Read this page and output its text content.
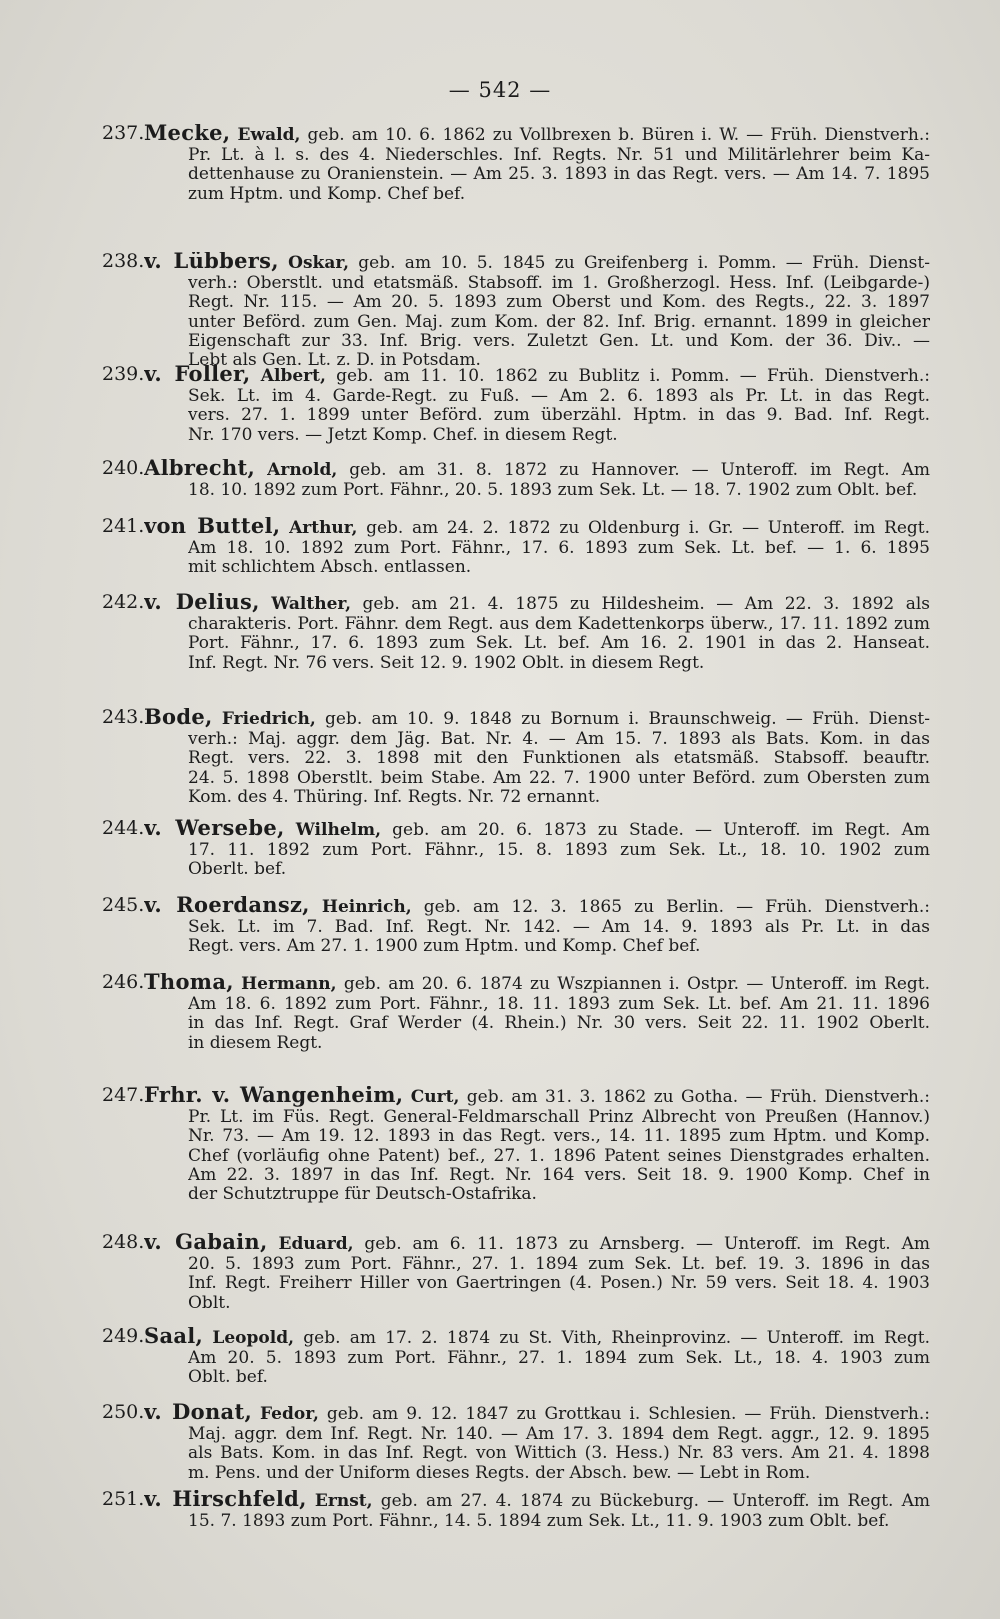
— 542 —
237. Mecke, Ewald, geb. am 10. 6. 1862 zu Vollbrexen b. Büren i. W. — Früh. Dienstverh.:
Pr. Lt. à l. s. des 4. Niederschles. Inf. Regts. Nr. 51 und Militärlehrer beim Ka-
dettenhause zu Oranienstein. — Am 25. 3. 1893 in das Regt. vers. — Am 14. 7. 1895
zum Hptm. und Komp. Chef bef.
238. v. Lübbers, Oskar, geb. am 10. 5. 1845 zu Greifenberg i. Pomm. — Früh. Dienst-
verh.: Oberstlt. und etatsmäß. Stabsoff. im 1. Großherzogl. Hess. Inf. (Leibgarde-)
Regt. Nr. 115. — Am 20. 5. 1893 zum Oberst und Kom. des Regts., 22. 3. 1897
unter Beförd. zum Gen. Maj. zum Kom. der 82. Inf. Brig. ernannt. 1899 in gleicher
Eigenschaft zur 33. Inf. Brig. vers. Zuletzt Gen. Lt. und Kom. der 36. Div.. —
Lebt als Gen. Lt. z. D. in Potsdam.
239. v. Foller, Albert, geb. am 11. 10. 1862 zu Bublitz i. Pomm. — Früh. Dienstverh.:
Sek. Lt. im 4. Garde-Regt. zu Fuß. — Am 2. 6. 1893 als Pr. Lt. in das Regt.
vers. 27. 1. 1899 unter Beförd. zum überzähl. Hptm. in das 9. Bad. Inf. Regt.
Nr. 170 vers. — Jetzt Komp. Chef. in diesem Regt.
240. Albrecht, Arnold, geb. am 31. 8. 1872 zu Hannover. — Unteroff. im Regt. Am
18. 10. 1892 zum Port. Fähnr., 20. 5. 1893 zum Sek. Lt. — 18. 7. 1902 zum Oblt. bef.
241. von Buttel, Arthur, geb. am 24. 2. 1872 zu Oldenburg i. Gr. — Unteroff. im Regt.
Am 18. 10. 1892 zum Port. Fähnr., 17. 6. 1893 zum Sek. Lt. bef. — 1. 6. 1895
mit schlichtem Absch. entlassen.
242. v. Delius, Walther, geb. am 21. 4. 1875 zu Hildesheim. — Am 22. 3. 1892 als
charakteris. Port. Fähnr. dem Regt. aus dem Kadettenkorps überw., 17. 11. 1892 zum
Port. Fähnr., 17. 6. 1893 zum Sek. Lt. bef. Am 16. 2. 1901 in das 2. Hanseat.
Inf. Regt. Nr. 76 vers. Seit 12. 9. 1902 Oblt. in diesem Regt.
243. Bode, Friedrich, geb. am 10. 9. 1848 zu Bornum i. Braunschweig. — Früh. Dienst-
verh.: Maj. aggr. dem Jäg. Bat. Nr. 4. — Am 15. 7. 1893 als Bats. Kom. in das
Regt. vers. 22. 3. 1898 mit den Funktionen als etatsmäß. Stabsoff. beauftr.
24. 5. 1898 Oberstlt. beim Stabe. Am 22. 7. 1900 unter Beförd. zum Obersten zum
Kom. des 4. Thüring. Inf. Regts. Nr. 72 ernannt.
244. v. Wersebe, Wilhelm, geb. am 20. 6. 1873 zu Stade. — Unteroff. im Regt. Am
17. 11. 1892 zum Port. Fähnr., 15. 8. 1893 zum Sek. Lt., 18. 10. 1902 zum
Oberlt. bef.
245. v. Roerdansz, Heinrich, geb. am 12. 3. 1865 zu Berlin. — Früh. Dienstverh.:
Sek. Lt. im 7. Bad. Inf. Regt. Nr. 142. — Am 14. 9. 1893 als Pr. Lt. in das
Regt. vers. Am 27. 1. 1900 zum Hptm. und Komp. Chef bef.
246. Thoma, Hermann, geb. am 20. 6. 1874 zu Wszpiannen i. Ostpr. — Unteroff. im Regt.
Am 18. 6. 1892 zum Port. Fähnr., 18. 11. 1893 zum Sek. Lt. bef. Am 21. 11. 1896
in das Inf. Regt. Graf Werder (4. Rhein.) Nr. 30 vers. Seit 22. 11. 1902 Oberlt.
in diesem Regt.
247. Frhr. v. Wangenheim, Curt, geb. am 31. 3. 1862 zu Gotha. — Früh. Dienstverh.:
Pr. Lt. im Füs. Regt. General-Feldmarschall Prinz Albrecht von Preußen (Hannov.)
Nr. 73. — Am 19. 12. 1893 in das Regt. vers., 14. 11. 1895 zum Hptm. und Komp.
Chef (vorläufig ohne Patent) bef., 27. 1. 1896 Patent seines Dienstgrades erhalten.
Am 22. 3. 1897 in das Inf. Regt. Nr. 164 vers. Seit 18. 9. 1900 Komp. Chef in
der Schutztruppe für Deutsch-Ostafrika.
248. v. Gabain, Eduard, geb. am 6. 11. 1873 zu Arnsberg. — Unteroff. im Regt. Am
20. 5. 1893 zum Port. Fähnr., 27. 1. 1894 zum Sek. Lt. bef. 19. 3. 1896 in das
Inf. Regt. Freiherr Hiller von Gaertringen (4. Posen.) Nr. 59 vers. Seit 18. 4. 1903
Oblt.
249. Saal, Leopold, geb. am 17. 2. 1874 zu St. Vith, Rheinprovinz. — Unteroff. im Regt.
Am 20. 5. 1893 zum Port. Fähnr., 27. 1. 1894 zum Sek. Lt., 18. 4. 1903 zum
Oblt. bef.
250. v. Donat, Fedor, geb. am 9. 12. 1847 zu Grottkau i. Schlesien. — Früh. Dienstverh.:
Maj. aggr. dem Inf. Regt. Nr. 140. — Am 17. 3. 1894 dem Regt. aggr., 12. 9. 1895
als Bats. Kom. in das Inf. Regt. von Wittich (3. Hess.) Nr. 83 vers. Am 21. 4. 1898
m. Pens. und der Uniform dieses Regts. der Absch. bew. — Lebt in Rom.
251. v. Hirschfeld, Ernst, geb. am 27. 4. 1874 zu Bückeburg. — Unteroff. im Regt. Am
15. 7. 1893 zum Port. Fähnr., 14. 5. 1894 zum Sek. Lt., 11. 9. 1903 zum Oblt. bef.
